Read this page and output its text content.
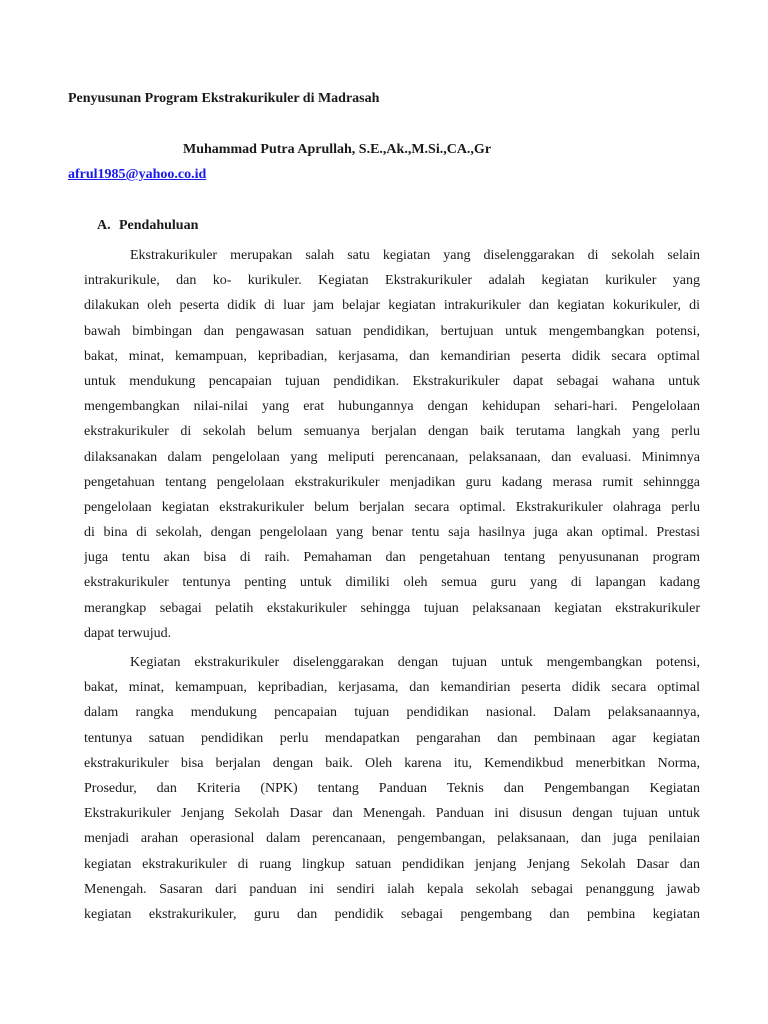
Penyusunan Program Ekstrakurikuler di Madrasah
Muhammad Putra Aprullah, S.E.,Ak.,M.Si.,CA.,Gr
afrul1985@yahoo.co.id
A. Pendahuluan
Ekstrakurikuler merupakan salah satu kegiatan yang diselenggarakan di sekolah selain
intrakurikule, dan ko- kurikuler. Kegiatan Ekstrakurikuler adalah kegiatan kurikuler yang
dilakukan oleh peserta didik di luar jam belajar kegiatan intrakurikuler dan kegiatan kokurikuler, di
bawah bimbingan dan pengawasan satuan pendidikan, bertujuan untuk mengembangkan potensi,
bakat, minat, kemampuan, kepribadian, kerjasama, dan kemandirian peserta didik secara optimal
untuk mendukung pencapaian tujuan pendidikan. Ekstrakurikuler dapat sebagai wahana untuk
mengembangkan nilai-nilai yang erat hubungannya dengan kehidupan sehari-hari. Pengelolaan
ekstrakurikuler di sekolah belum semuanya berjalan dengan baik terutama langkah yang perlu
dilaksanakan dalam pengelolaan yang meliputi perencanaan, pelaksanaan, dan evaluasi. Minimnya
pengetahuan tentang pengelolaan ekstrakurikuler menjadikan guru kadang merasa rumit sehinngga
pengelolaan kegiatan ekstrakurikuler belum berjalan secara optimal. Ekstrakurikuler olahraga perlu
di bina di sekolah, dengan pengelolaan yang benar tentu saja hasilnya juga akan optimal. Prestasi
juga tentu akan bisa di raih. Pemahaman dan pengetahuan tentang penyusunanan program
ekstrakurikuler tentunya penting untuk dimiliki oleh semua guru yang di lapangan kadang
merangkap sebagai pelatih ekstakurikuler sehingga tujuan pelaksanaan kegiatan ekstrakurikuler
dapat terwujud.
Kegiatan ekstrakurikuler diselenggarakan dengan tujuan untuk mengembangkan potensi,
bakat, minat, kemampuan, kepribadian, kerjasama, dan kemandirian peserta didik secara optimal
dalam rangka mendukung pencapaian tujuan pendidikan nasional. Dalam pelaksanaannya,
tentunya satuan pendidikan perlu mendapatkan pengarahan dan pembinaan agar kegiatan
ekstrakurikuler bisa berjalan dengan baik. Oleh karena itu, Kemendikbud menerbitkan Norma,
Prosedur, dan Kriteria (NPK) tentang Panduan Teknis dan Pengembangan Kegiatan
Ekstrakurikuler Jenjang Sekolah Dasar dan Menengah. Panduan ini disusun dengan tujuan untuk
menjadi arahan operasional dalam perencanaan, pengembangan, pelaksanaan, dan juga penilaian
kegiatan ekstrakurikuler di ruang lingkup satuan pendidikan jenjang Jenjang Sekolah Dasar dan
Menengah. Sasaran dari panduan ini sendiri ialah kepala sekolah sebagai penanggung jawab
kegiatan ekstrakurikuler, guru dan pendidik sebagai pengembang dan pembina kegiatan
